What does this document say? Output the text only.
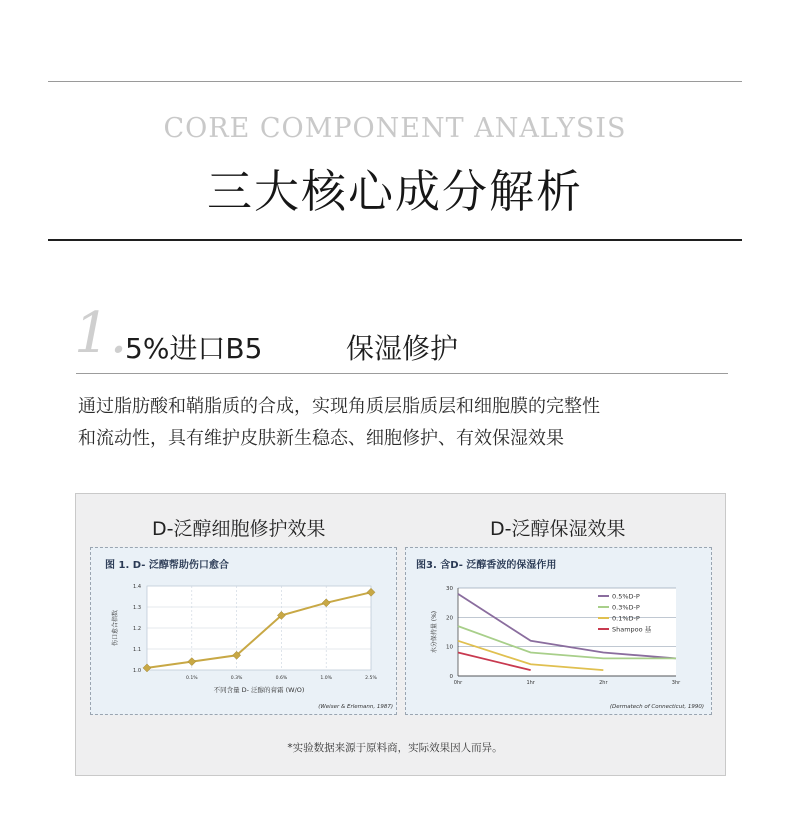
CORE COMPONENT ANALYSIS
三大核心成分解析
1.
5%进口B5	保湿修护
通过脂肪酸和鞘脂质的合成，实现角质层脂质层和细胞膜的完整性
和流动性，具有维护皮肤新生稳态、细胞修护、有效保湿效果
D-泛醇细胞修护效果	D-泛醇保湿效果
图 1. D- 泛醇帮助伤口愈合
1.0
1.1
1.2
1.3
1.4
0.1%	0.3%	0.6%	1.0%	2.5%
伤口愈合指数
不同含量 D- 泛醇的膏霜 (W/O)
(Weiser & Erlemann, 1987)
图3. 含D- 泛醇香波的保湿作用
0
10
20
30
0hr	1hr	2hr	3hr
水分保持量 (%)
0.5%D-P
0.3%D-P
0.1%D-P
Shampoo 基
(Dermatech of Connecticut, 1990)
*实验数据来源于原料商，实际效果因人而异。
